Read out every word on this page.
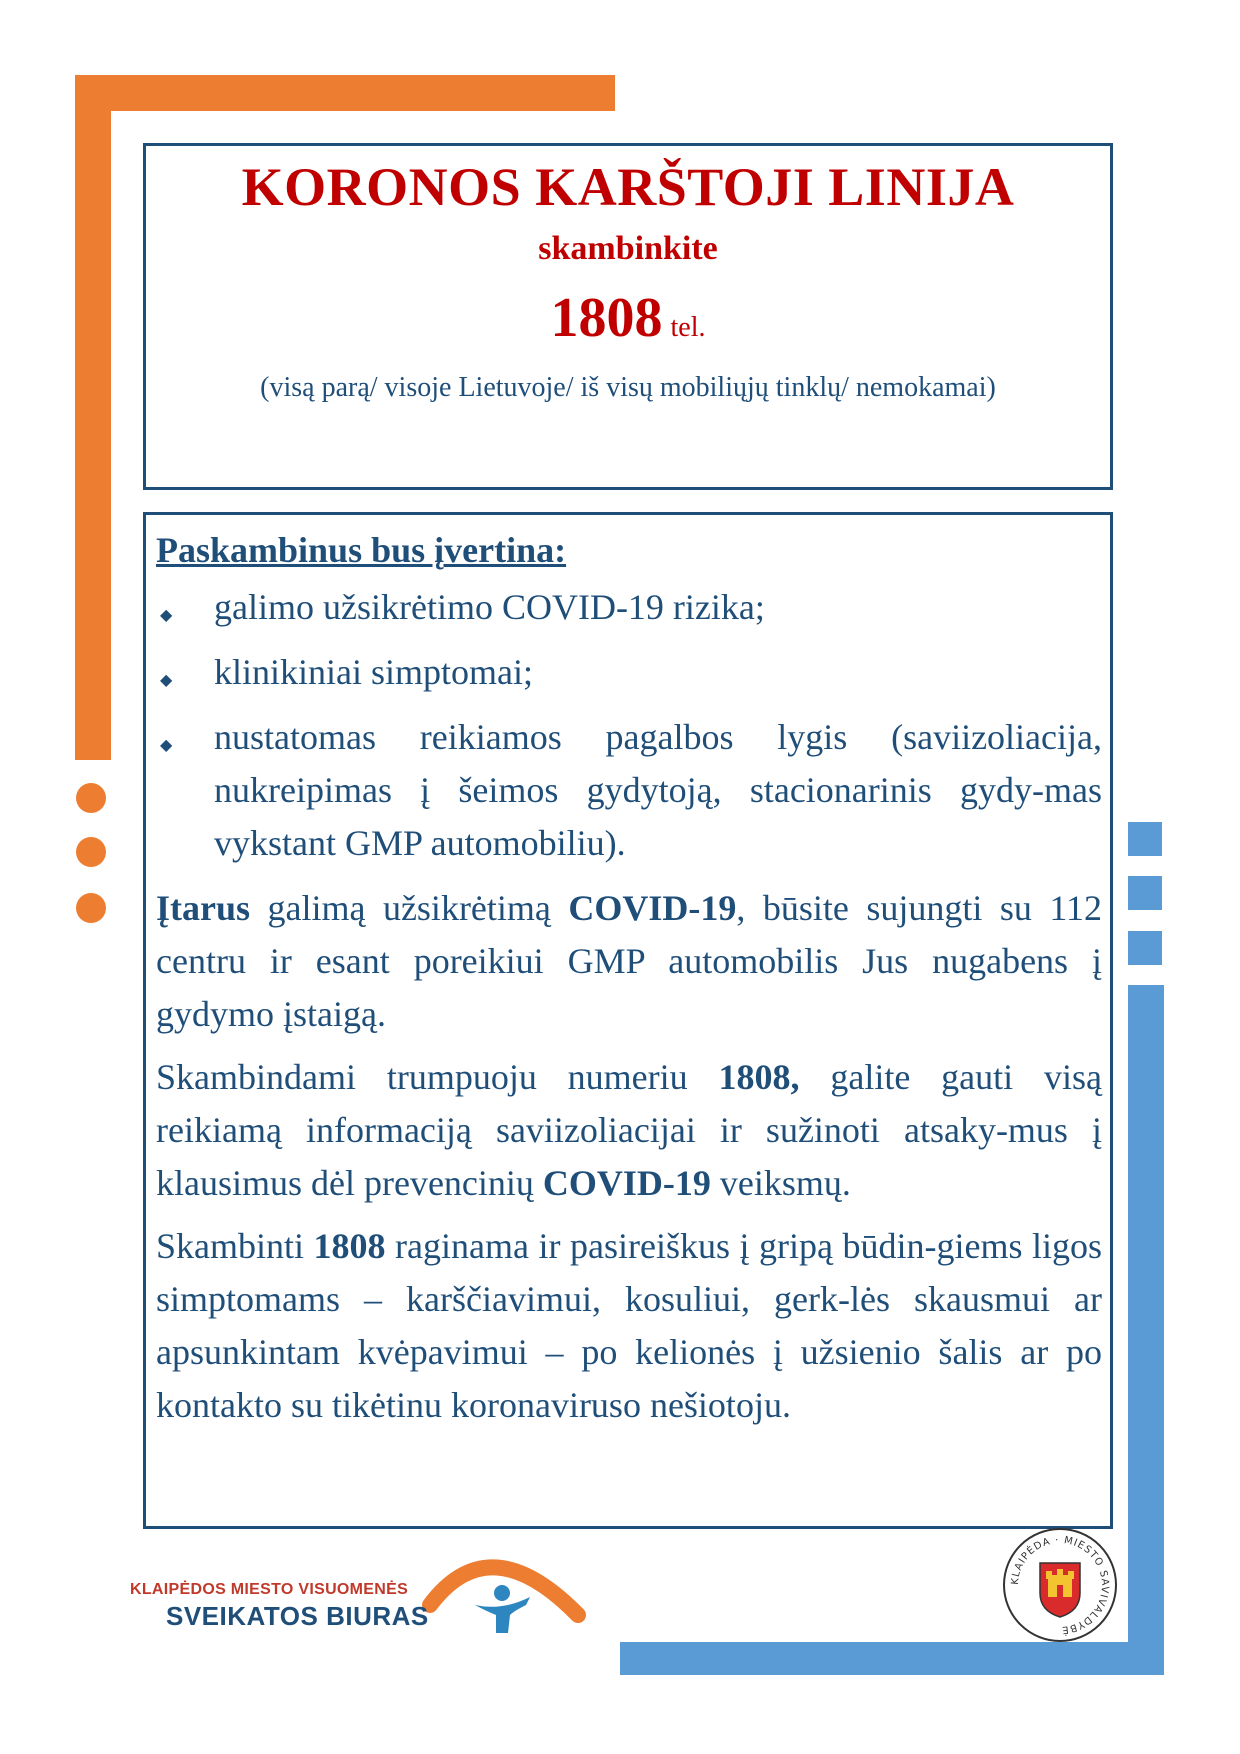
KORONOS KARŠTOJI LINIJA
skambinkite
1808 tel.
(visą parą/ visoje Lietuvoje/ iš visų mobiliųjų tinklų/ nemokamai)
Paskambinus bus įvertina:
◆ galimo užsikrėtimo COVID-19 rizika;
◆ klinikiniai simptomai;
◆ nustatomas reikiamos pagalbos lygis (saviizoliacija, nukreipimas į šeimos gydytoją, stacionarinis gydy-mas vykstant GMP automobiliu).

Įtarus galimą užsikrėtimą COVID-19, būsite sujungti su 112 centru ir esant poreikiui GMP automobilis Jus nugabens į gydymo įstaigą.

Skambindami trumpuoju numeriu 1808, galite gauti visą reikiamą informaciją saviizoliacijai ir sužinoti atsaky-mus į klausimus dėl prevencinių COVID-19 veiksmų.

Skambinti 1808 raginama ir pasireiškus į gripą būdin-giems ligos simptomams – karščiavimui, kosuliui, gerk-lės skausmui ar apsunkintam kvėpavimui – po kelionės į užsienio šalis ar po kontakto su tikėtinu koronaviruso nešiotoju.

KLAIPĖDOS MIESTO VISUOMENĖS
SVEIKATOS BIURAS
KLAIPĖDA · MIESTO SAVIVALDYBĖ
